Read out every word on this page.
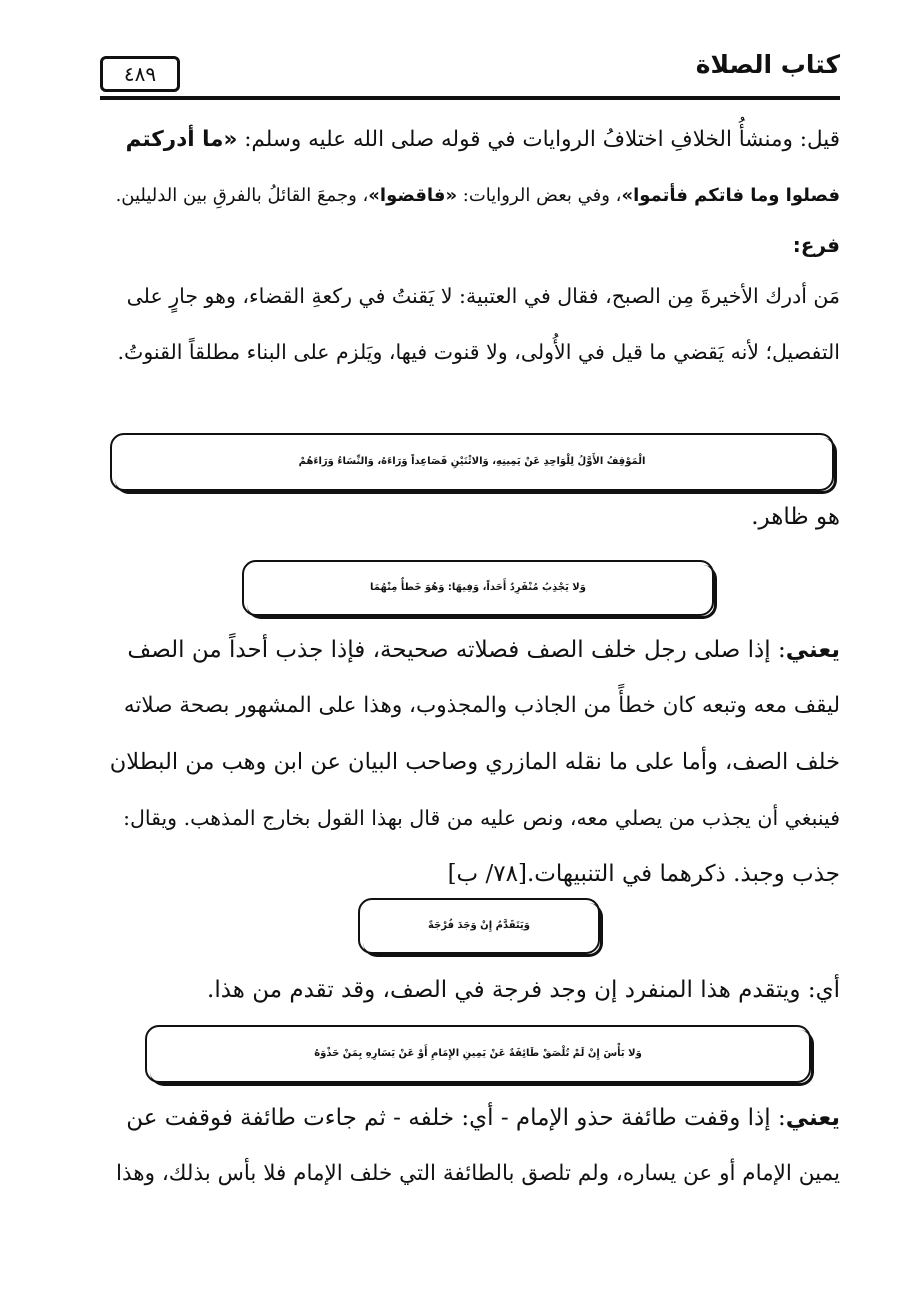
كتاب الصلاة
٤٨٩
قيل: ومنشأُ الخلافِ اختلافُ الروايات في قوله صلى الله عليه وسلم: «ما أدركتم
فصلوا وما فاتكم فأتموا»، وفي بعض الروايات: «فاقضوا»، وجمعَ القائلُ بالفرقِ بين الدليلين.
فرع:
مَن أدرك الأخيرةَ مِن الصبح، فقال في العتبية: لا يَقنتُ في ركعةِ القضاء، وهو جارٍ على
التفصيل؛ لأنه يَقضي ما قيل في الأُولى، ولا قنوت فيها، ويَلزم على البناء مطلقاً القنوتُ.
الْمَوْقِفُ الأَوَّلُ لِلْوَاحِدِ عَنْ يَمِينِهِ، وَالاثْنَيْنِ فَصَاعِداً وَرَاءَهُ، وَالنِّسَاءُ وَرَاءَهُمْ
هو ظاهر.
وَلا يَجْذِبُ مُنْفَرِدٌ أَحَداً، وَفِيهَا: وَهُوَ خَطأٌ مِنْهُمَا
يعني: إذا صلى رجل خلف الصف فصلاته صحيحة، فإذا جذب أحداً من الصف
ليقف معه وتبعه كان خطأً من الجاذب والمجذوب، وهذا على المشهور بصحة صلاته
خلف الصف، وأما على ما نقله المازري وصاحب البيان عن ابن وهب من البطلان
فينبغي أن يجذب من يصلي معه، ونص عليه من قال بهذا القول بخارج المذهب. ويقال:
جذب وجبذ. ذكرهما في التنبيهات.[٧٨/ ب]
وَيَتَقَدَّمُ إِنْ وَجَدَ فُرْجَةً
أي: ويتقدم هذا المنفرد إن وجد فرجة في الصف، وقد تقدم من هذا.
وَلا بَأْسَ إِنْ لَمْ تُلْصَقْ طَائِفَةٌ عَنْ يَمِينِ الإِمَامِ أَوْ عَنْ يَسَارِهِ بِمَنْ حَذْوَهُ
يعني: إذا وقفت طائفة حذو الإمام - أي: خلفه - ثم جاءت طائفة فوقفت عن
يمين الإمام أو عن يساره، ولم تلصق بالطائفة التي خلف الإمام فلا بأس بذلك، وهذا
